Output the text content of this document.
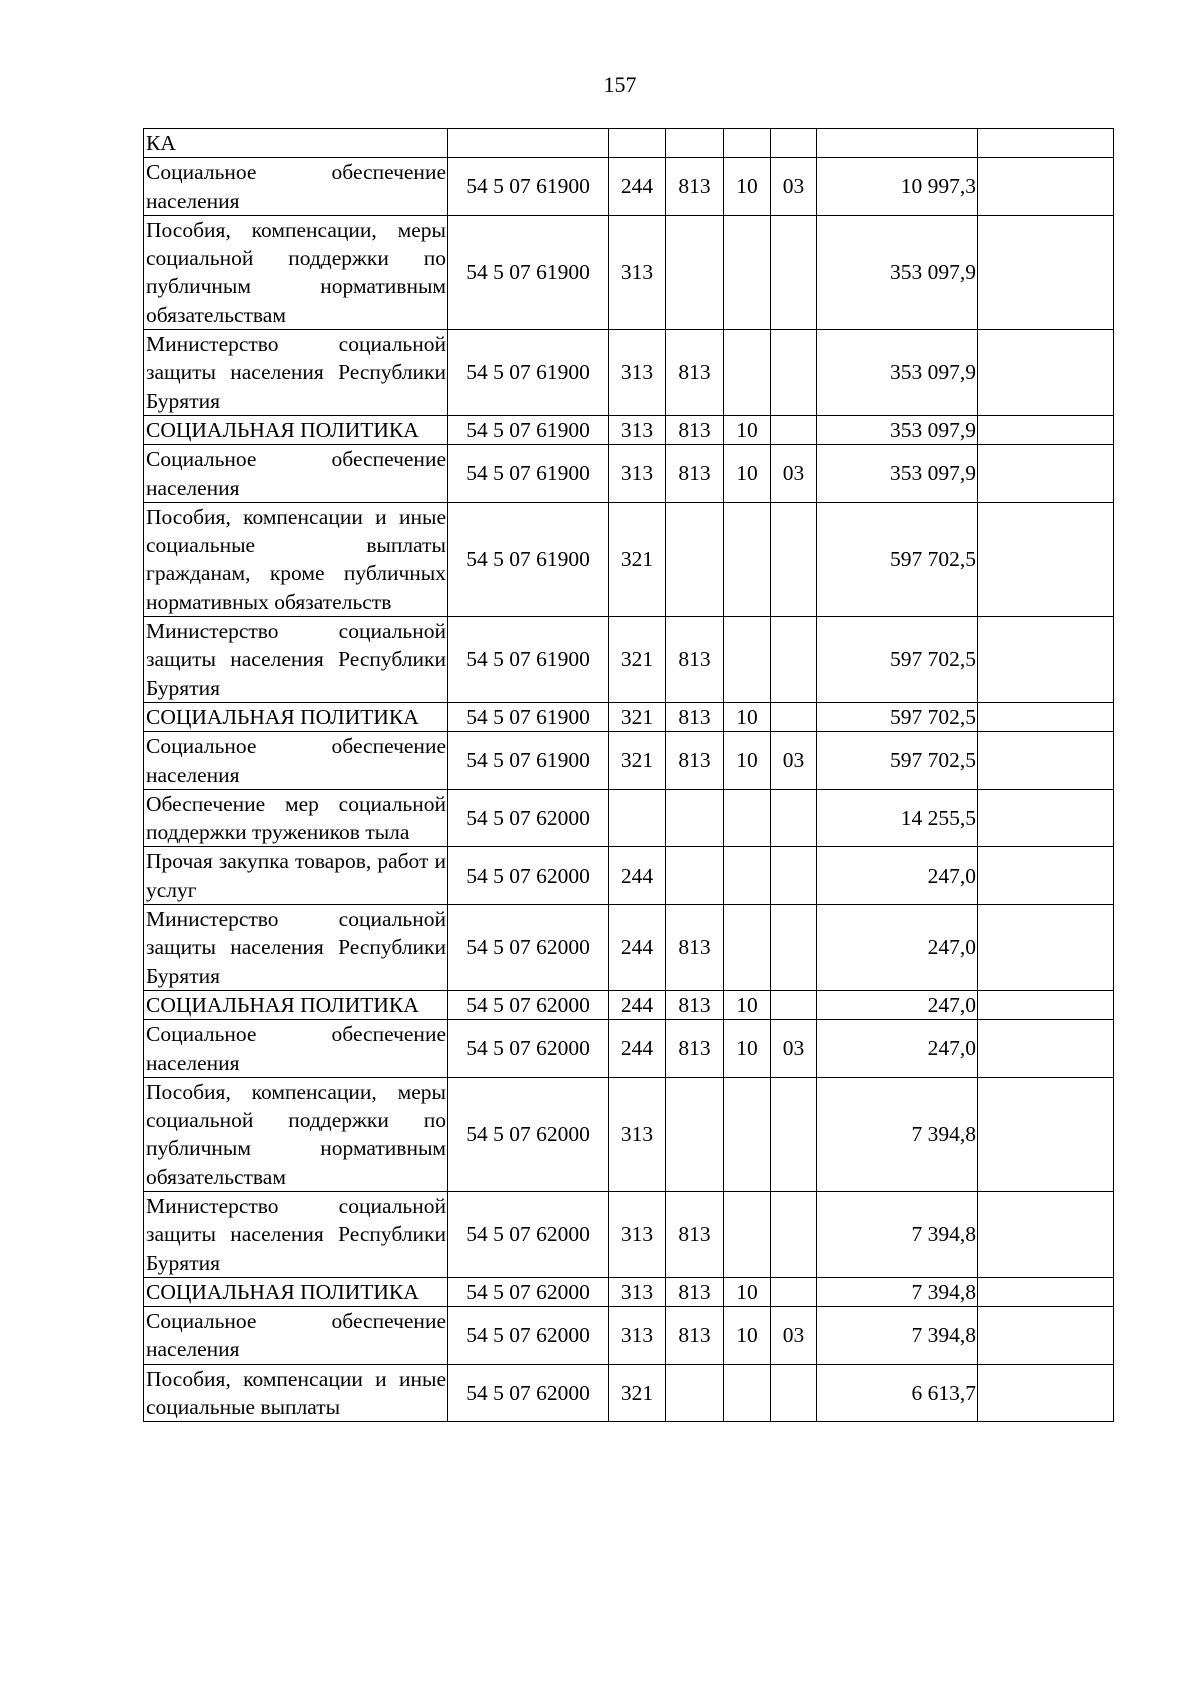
157
КА							
Социальное обеспечение населения	54 5 07 61900	244	813	10	03	10 997,3	
Пособия, компенсации, меры социальной поддержки по публичным нормативным обязательствам	54 5 07 61900	313				353 097,9	
Министерство социальной защиты населения Республики Бурятия	54 5 07 61900	313	813			353 097,9	
СОЦИАЛЬНАЯ ПОЛИТИКА	54 5 07 61900	313	813	10		353 097,9	
Социальное обеспечение населения	54 5 07 61900	313	813	10	03	353 097,9	
Пособия, компенсации и иные социальные выплаты гражданам, кроме публичных нормативных обязательств	54 5 07 61900	321				597 702,5	
Министерство социальной защиты населения Республики Бурятия	54 5 07 61900	321	813			597 702,5	
СОЦИАЛЬНАЯ ПОЛИТИКА	54 5 07 61900	321	813	10		597 702,5	
Социальное обеспечение населения	54 5 07 61900	321	813	10	03	597 702,5	
Обеспечение мер социальной поддержки тружеников тыла	54 5 07 62000					14 255,5	
Прочая закупка товаров, работ и услуг	54 5 07 62000	244				247,0	
Министерство социальной защиты населения Республики Бурятия	54 5 07 62000	244	813			247,0	
СОЦИАЛЬНАЯ ПОЛИТИКА	54 5 07 62000	244	813	10		247,0	
Социальное обеспечение населения	54 5 07 62000	244	813	10	03	247,0	
Пособия, компенсации, меры социальной поддержки по публичным нормативным обязательствам	54 5 07 62000	313				7 394,8	
Министерство социальной защиты населения Республики Бурятия	54 5 07 62000	313	813			7 394,8	
СОЦИАЛЬНАЯ ПОЛИТИКА	54 5 07 62000	313	813	10		7 394,8	
Социальное обеспечение населения	54 5 07 62000	313	813	10	03	7 394,8	
Пособия, компенсации и иные социальные выплаты	54 5 07 62000	321				6 613,7	
